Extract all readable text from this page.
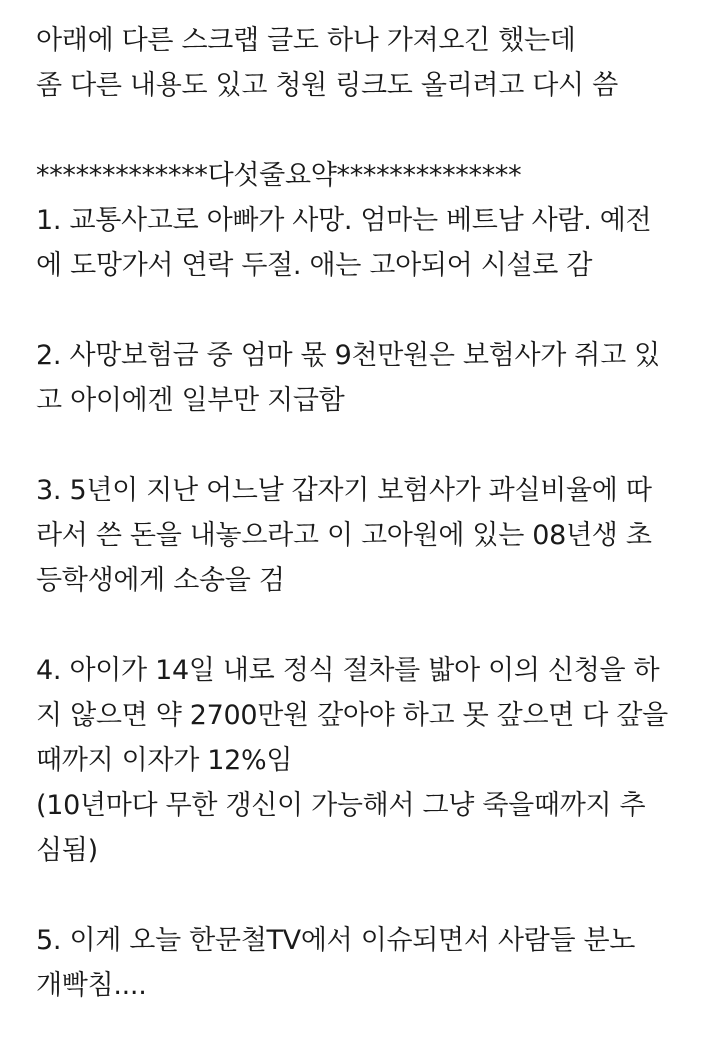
아래에 다른 스크랩 글도 하나 가져오긴 했는데
좀 다른 내용도 있고 청원 링크도 올리려고 다시 씀
*************다섯줄요약**************
1. 교통사고로 아빠가 사망. 엄마는 베트남 사람. 예전
에 도망가서 연락 두절. 애는 고아되어 시설로 감
2. 사망보험금 중 엄마 몫 9천만원은 보험사가 쥐고 있
고 아이에겐 일부만 지급함
3. 5년이 지난 어느날 갑자기 보험사가 과실비율에 따
라서 쓴 돈을 내놓으라고 이 고아원에 있는 08년생 초
등학생에게 소송을 검
4. 아이가 14일 내로 정식 절차를 밟아 이의 신청을 하
지 않으면 약 2700만원 갚아야 하고 못 갚으면 다 갚을
때까지 이자가 12%임
(10년마다 무한 갱신이 가능해서 그냥 죽을때까지 추
심됨)
5. 이게 오늘 한문철TV에서 이슈되면서 사람들 분노
개빡침....
